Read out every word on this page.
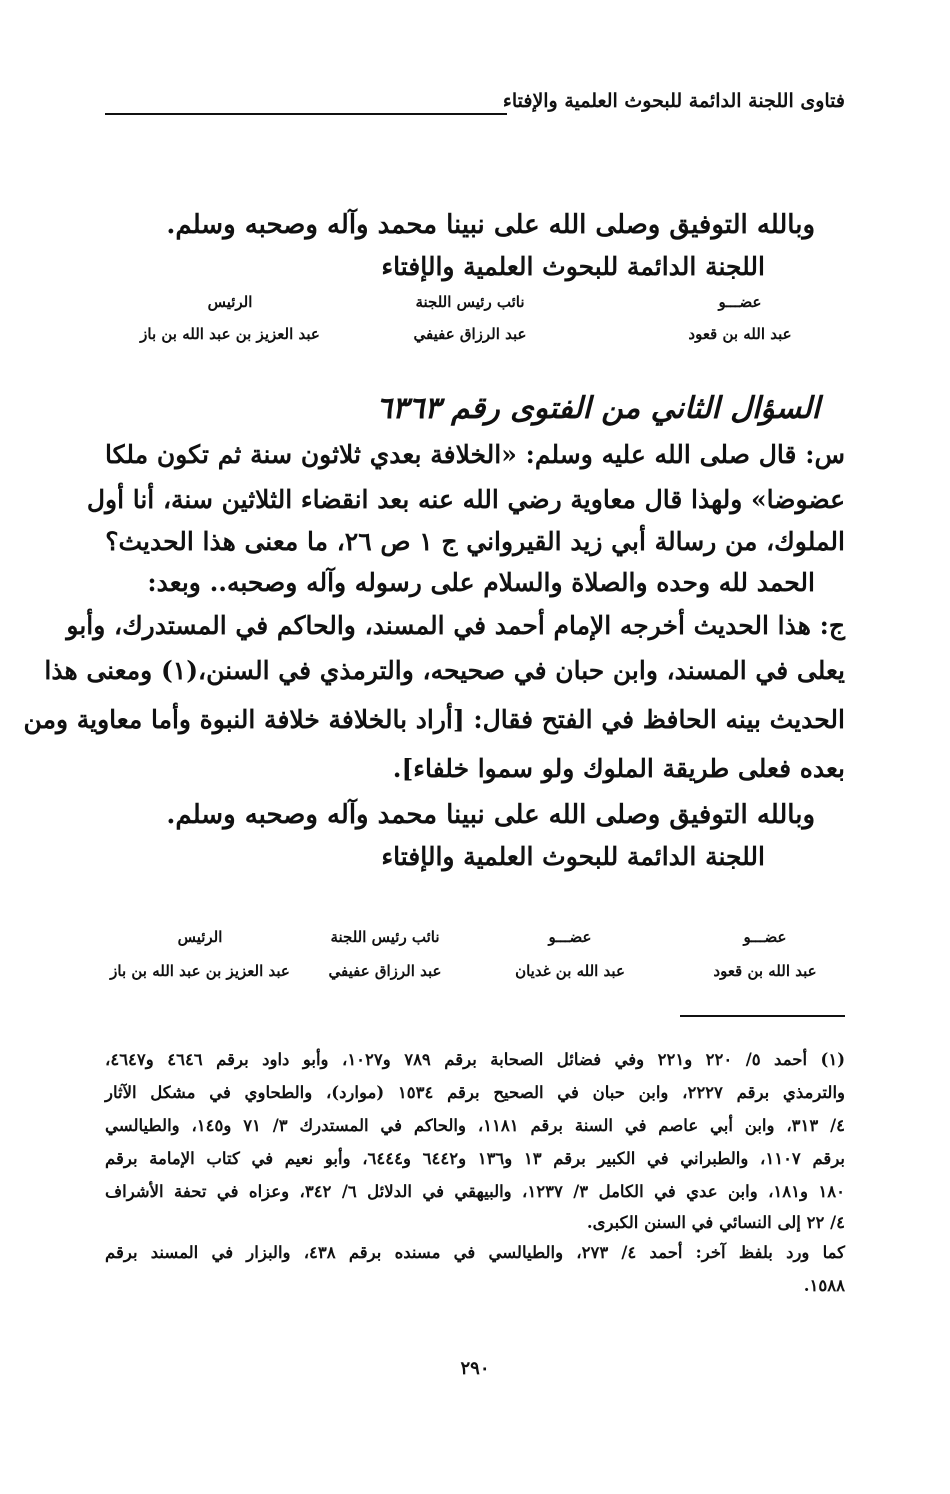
فتاوى اللجنة الدائمة للبحوث العلمية والإفتاء
وبالله التوفيق وصلى الله على نبينا محمد وآله وصحبه وسلم.
اللجنة الدائمة للبحوث العلمية والإفتاء
عضـــو
عبد الله بن قعود
نائب رئيس اللجنة
عبد الرزاق عفيفي
الرئيس
عبد العزيز بن عبد الله بن باز
السؤال الثاني من الفتوى رقم ٦٣٦٣
س: قال صلى الله عليه وسلم: «الخلافة بعدي ثلاثون سنة ثم تكون ملكا
عضوضا» ولهذا قال معاوية رضي الله عنه بعد انقضاء الثلاثين سنة، أنا أول
الملوك، من رسالة أبي زيد القيرواني ج ١ ص ٢٦، ما معنى هذا الحديث؟
الحمد لله وحده والصلاة والسلام على رسوله وآله وصحبه.. وبعد:
ج: هذا الحديث أخرجه الإمام أحمد في المسند، والحاكم في المستدرك، وأبو
يعلى في المسند، وابن حبان في صحيحه، والترمذي في السنن،(١) ومعنى هذا
الحديث بينه الحافظ في الفتح فقال: [أراد بالخلافة خلافة النبوة وأما معاوية ومن
بعده فعلى طريقة الملوك ولو سموا خلفاء].
وبالله التوفيق وصلى الله على نبينا محمد وآله وصحبه وسلم.
اللجنة الدائمة للبحوث العلمية والإفتاء
عضـــو
عبد الله بن قعود
عضـــو
عبد الله بن غديان
نائب رئيس اللجنة
عبد الرزاق عفيفي
الرئيس
عبد العزيز بن عبد الله بن باز
(١) أحمد ٥/ ٢٢٠ و٢٢١ وفي فضائل الصحابة برقم ٧٨٩ و١٠٢٧، وأبو داود برقم ٤٦٤٦ و٤٦٤٧،
والترمذي برقم ٢٢٢٧، وابن حبان في الصحيح برقم ١٥٣٤ (موارد)، والطحاوي في مشكل الآثار
٤/ ٣١٣، وابن أبي عاصم في السنة برقم ١١٨١، والحاكم في المستدرك ٣/ ٧١ و١٤٥، والطيالسي
برقم ١١٠٧، والطبراني في الكبير برقم ١٣ و١٣٦ و٦٤٤٢ و٦٤٤٤، وأبو نعيم في كتاب الإمامة برقم
١٨٠ و١٨١، وابن عدي في الكامل ٣/ ١٢٣٧، والبيهقي في الدلائل ٦/ ٣٤٢، وعزاه في تحفة الأشراف
٤/ ٢٢ إلى النسائي في السنن الكبرى.
كما ورد بلفظ آخر: أحمد ٤/ ٢٧٣، والطيالسي في مسنده برقم ٤٣٨، والبزار في المسند برقم
١٥٨٨.
٢٩٠
